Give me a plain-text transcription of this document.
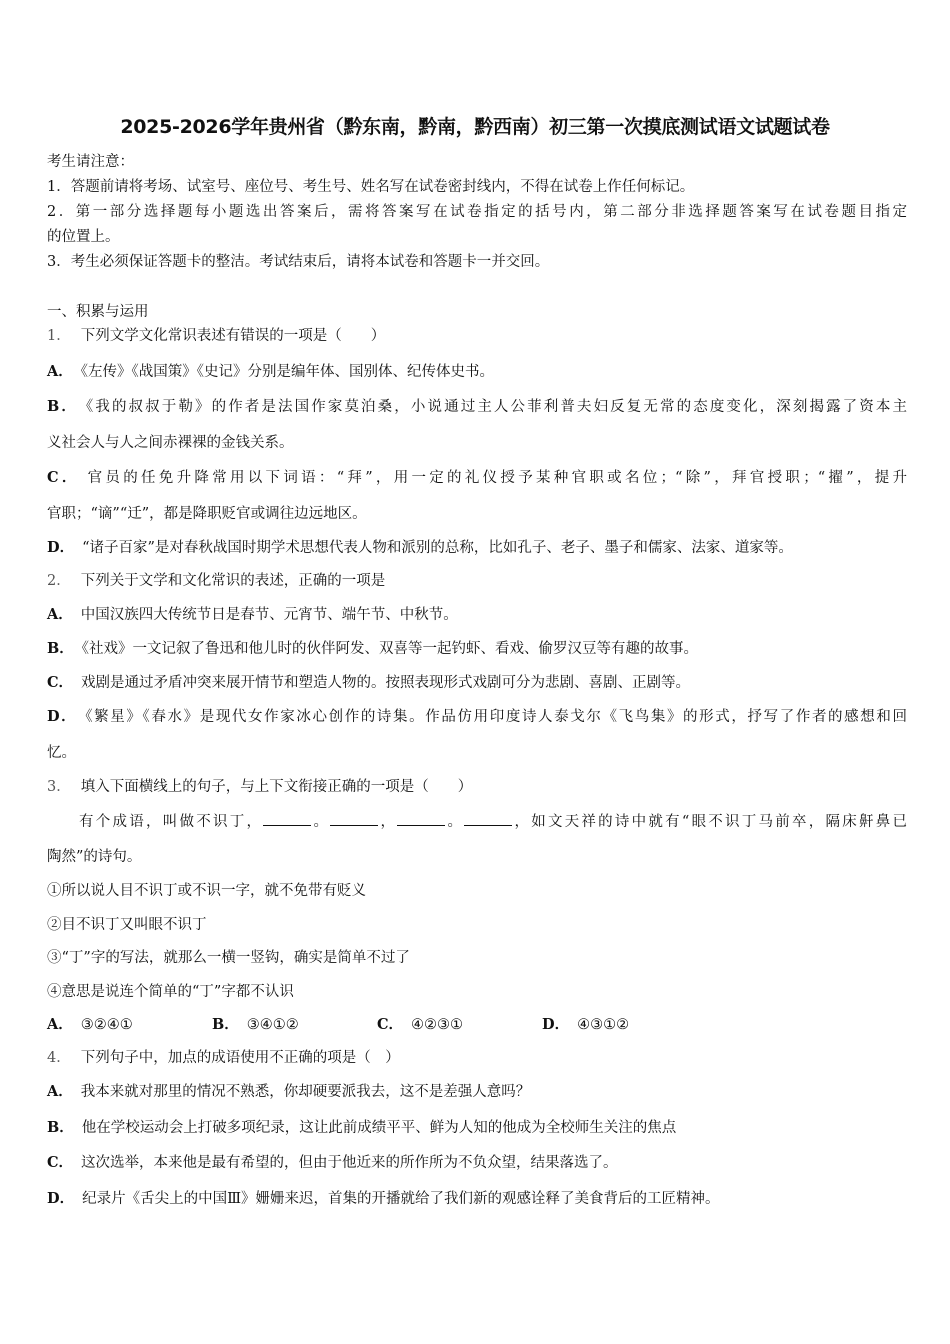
2025-2026学年贵州省（黔东南，黔南，黔西南）初三第一次摸底测试语文试题试卷
考生请注意：
1．答题前请将考场、试室号、座位号、考生号、姓名写在试卷密封线内，不得在试卷上作任何标记。
2．第一部分选择题每小题选出答案后，需将答案写在试卷指定的括号内，第二部分非选择题答案写在试卷题目指定
的位置上。
3．考生必须保证答题卡的整洁。考试结束后，请将本试卷和答题卡一并交回。
一、积累与运用
1． 下列文学文化常识表述有错误的一项是（　　）
A． 《左传》《战国策》《史记》分别是编年体、国别体、纪传体史书。
B． 《我的叔叔于勒》的作者是法国作家莫泊桑，小说通过主人公菲利普夫妇反复无常的态度变化，深刻揭露了资本主
义社会人与人之间赤裸裸的金钱关系。
C． 官员的任免升降常用以下词语：“拜”，用一定的礼仪授予某种官职或名位；“除”，拜官授职；“擢”，提升
官职；“谪”“迁”，都是降职贬官或调往边远地区。
D． “诸子百家”是对春秋战国时期学术思想代表人物和派别的总称，比如孔子、老子、墨子和儒家、法家、道家等。
2． 下列关于文学和文化常识的表述，正确的一项是
A． 中国汉族四大传统节日是春节、元宵节、端午节、中秋节。
B． 《社戏》一文记叙了鲁迅和他儿时的伙伴阿发、双喜等一起钓虾、看戏、偷罗汉豆等有趣的故事。
C． 戏剧是通过矛盾冲突来展开情节和塑造人物的。按照表现形式戏剧可分为悲剧、喜剧、正剧等。
D． 《繁星》《春水》是现代女作家冰心创作的诗集。作品仿用印度诗人泰戈尔《飞鸟集》的形式，抒写了作者的感想和回
忆。
3． 填入下面横线上的句子，与上下文衔接正确的一项是（　　）
有个成语，叫做不识丁，	。	，	。	，如文天祥的诗中就有“眼不识丁马前卒，隔床鼾鼻已
陶然”的诗句。
①所以说人目不识丁或不识一字，就不免带有贬义
②目不识丁又叫眼不识丁
③“丁”字的写法，就那么一横一竖钩，确实是简单不过了
④意思是说连个简单的“丁”字都不认识
A． ③②④①	B． ③④①②	C． ④②③①	D． ④③①②
4． 下列句子中，加点的成语使用不正确的项是（　）
A． 我本来就对那里的情况不熟悉，你却硬要派我去，这不是差强人意吗？
B． 他在学校运动会上打破多项纪录，这让此前成绩平平、鲜为人知的他成为全校师生关注的焦点
C． 这次选举，本来他是最有希望的，但由于他近来的所作所为不负众望，结果落选了。
D． 纪录片《舌尖上的中国Ⅲ》姗姗来迟，首集的开播就给了我们新的观感诠释了美食背后的工匠精神。
